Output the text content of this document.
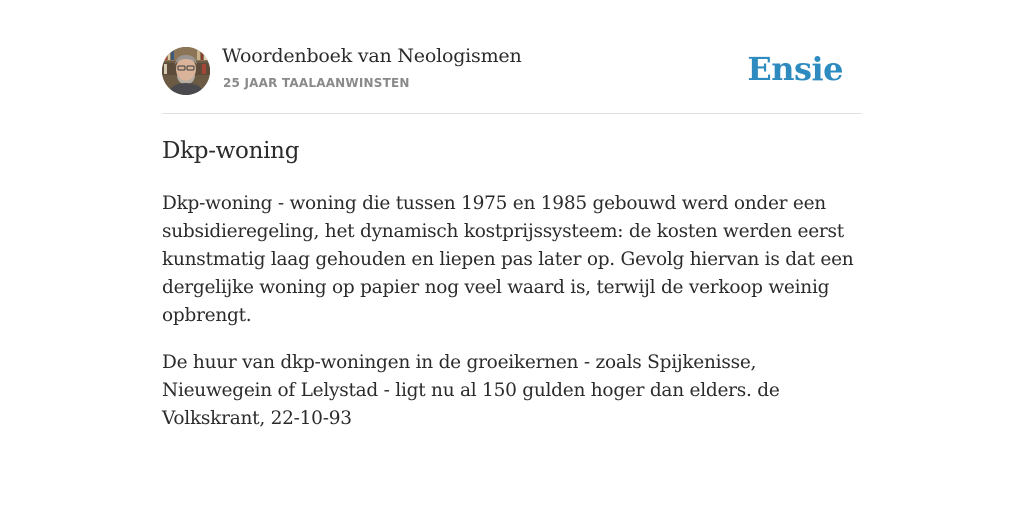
Woordenboek van Neologismen
25 JAAR TAALAANWINSTEN	Ensie
Dkp-woning

Dkp-woning - woning die tussen 1975 en 1985 gebouwd werd onder een subsidieregeling, het dynamisch kostprijssysteem: de kosten werden eerst kunstmatig laag gehouden en liepen pas later op. Gevolg hiervan is dat een dergelijke woning op papier nog veel waard is, terwijl de verkoop weinig opbrengt.

De huur van dkp-woningen in de groeikernen - zoals Spijkenisse, Nieuwegein of Lelystad - ligt nu al 150 gulden hoger dan elders. de Volkskrant, 22-10-93
